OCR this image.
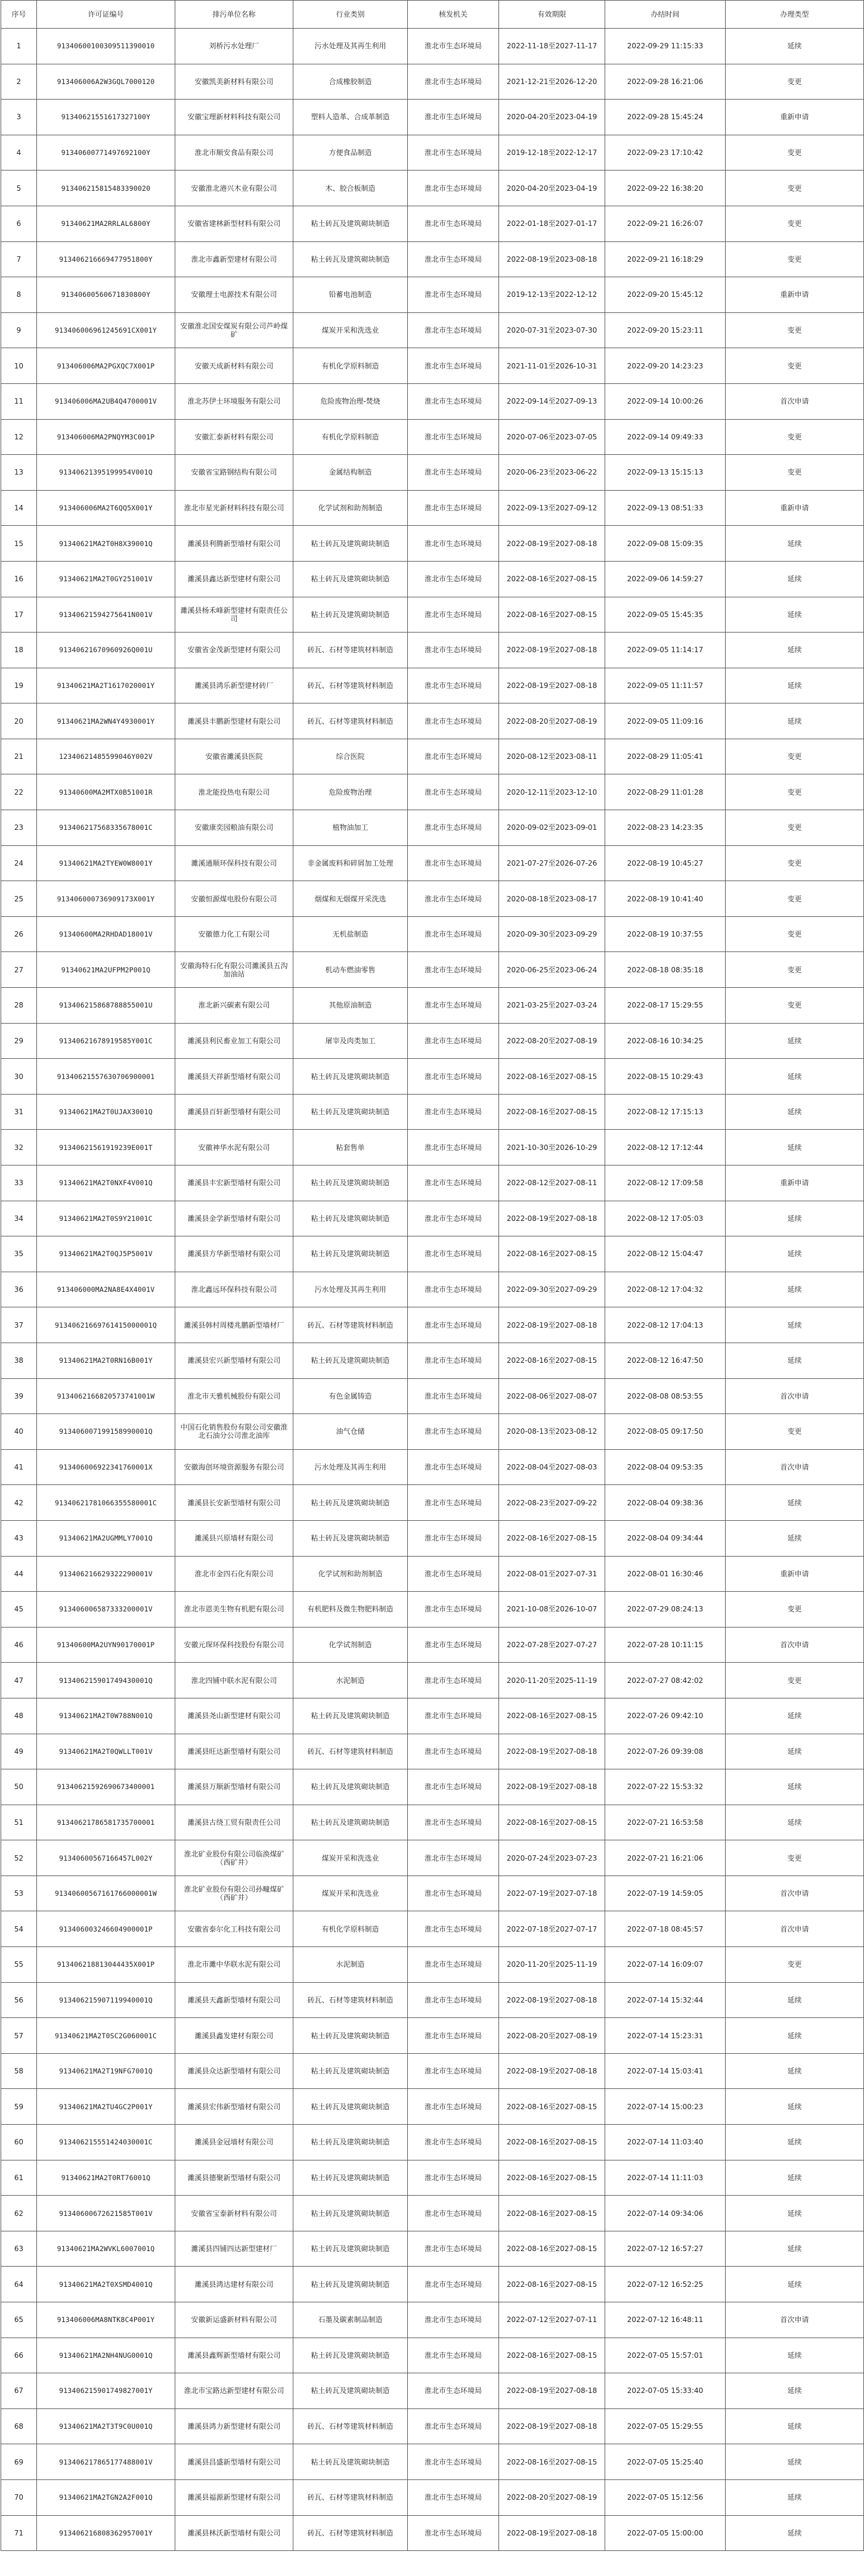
序号	许可证编号	排污单位名称	行业类别	核发机关	有效期限	办结时间	办理类型
1	91340600100309511390010	刘桥污水处理厂	污水处理及其再生利用	淮北市生态环境局	2022-11-18至2027-11-17	2022-09-29 11:15:33	延续
2	913406006A2W3GQL7000120	安徽凯美新材料有限公司	合成橡胶制造	淮北市生态环境局	2021-12-21至2026-12-20	2022-09-28 16:21:06	变更
3	91340621551617327100Y	安徽宝理新材料科技有限公司	塑料人造革、合成革制造	淮北市生态环境局	2020-04-20至2023-04-19	2022-09-28 15:45:24	重新申请
4	91340600771497692100Y	淮北市顺安食品有限公司	方便食品制造	淮北市生态环境局	2019-12-18至2022-12-17	2022-09-23 17:10:42	变更
5	913406215815483390020	安徽淮北港兴木业有限公司	木、胶合板制造	淮北市生态环境局	2020-04-20至2023-04-19	2022-09-22 16:38:20	变更
6	91340621MA2RRLAL6800Y	安徽省建林新型材料有限公司	粘土砖瓦及建筑砌块制造	淮北市生态环境局	2022-01-18至2027-01-17	2022-09-21 16:26:07	变更
7	913406216669477951800Y	淮北市鑫新型建材有限公司	粘土砖瓦及建筑砌块制造	淮北市生态环境局	2022-08-19至2023-08-18	2022-09-21 16:18:29	变更
8	91340600560671830800Y	安徽理士电源技术有限公司	铅蓄电池制造	淮北市生态环境局	2019-12-13至2022-12-12	2022-09-20 15:45:12	重新申请
9	913406006961245691CX001Y	安徽淮北国安煤炭有限公司芦岭煤矿	煤炭开采和洗选业	淮北市生态环境局	2020-07-31至2023-07-30	2022-09-20 15:23:11	变更
10	913406006MA2PGXQC7X001P	安徽天成新材料有限公司	有机化学原料制造	淮北市生态环境局	2021-11-01至2026-10-31	2022-09-20 14:23:23	变更
11	913406006MA2UB4Q4700001V	淮北苏伊士环境服务有限公司	危险废物治理-焚烧	淮北市生态环境局	2022-09-14至2027-09-13	2022-09-14 10:00:26	首次申请
12	913406006MA2PNQYM3C001P	安徽汇泰新材料有限公司	有机化学原料制造	淮北市生态环境局	2020-07-06至2023-07-05	2022-09-14 09:49:33	变更
13	91340621395199954V001Q	安徽省宝路钢结构有限公司	金属结构制造	淮北市生态环境局	2020-06-23至2023-06-22	2022-09-13 15:15:13	变更
14	913406006MA2T6QQ5X001Y	淮北市星光新材料科技有限公司	化学试剂和助剂制造	淮北市生态环境局	2022-09-13至2027-09-12	2022-09-13 08:51:33	重新申请
15	91340621MA2T0H8X39001Q	濉溪县利腾新型墙材有限公司	粘土砖瓦及建筑砌块制造	淮北市生态环境局	2022-08-19至2027-08-18	2022-09-08 15:09:35	延续
16	91340621MA2T0GY251001V	濉溪县鑫达新型建材有限公司	粘土砖瓦及建筑砌块制造	淮北市生态环境局	2022-08-16至2027-08-15	2022-09-06 14:59:27	延续
17	91340621594275641N001V	濉溪县杨禾峰新型建材有限责任公司	粘土砖瓦及建筑砌块制造	淮北市生态环境局	2022-08-16至2027-08-15	2022-09-05 15:45:35	延续
18	91340621670960926Q001U	安徽省金茂新型建材有限公司	砖瓦、石材等建筑材料制造	淮北市生态环境局	2022-08-19至2027-08-18	2022-09-05 11:14:17	延续
19	91340621MA2T1617020001Y	濉溪县鸿乐新型建材砖厂	砖瓦、石材等建筑材料制造	淮北市生态环境局	2022-08-19至2027-08-18	2022-09-05 11:11:57	延续
20	91340621MA2WN4Y4930001Y	濉溪县丰鹏新型建材有限公司	砖瓦、石材等建筑材料制造	淮北市生态环境局	2022-08-20至2027-08-19	2022-09-05 11:09:16	延续
21	12340621485599046Y002V	安徽省濉溪县医院	综合医院	淮北市生态环境局	2020-08-12至2023-08-11	2022-08-29 11:05:41	变更
22	91340600MA2MTX0B51001R	淮北能投热电有限公司	危险废物治理	淮北市生态环境局	2020-12-11至2023-12-10	2022-08-29 11:01:28	变更
23	913406217568335678001C	安徽康奕园粮油有限公司	植物油加工	淮北市生态环境局	2020-09-02至2023-09-01	2022-08-23 14:23:35	变更
24	91340621MA2TYEW0W8001Y	濉溪通顺环保科技有限公司	非金属废料和碎屑加工处理	淮北市生态环境局	2021-07-27至2026-07-26	2022-08-19 10:45:27	变更
25	913406000736909173X001Y	安徽恒源煤电股份有限公司	烟煤和无烟煤开采洗选	淮北市生态环境局	2020-08-18至2023-08-17	2022-08-19 10:41:40	变更
26	91340600MA2RHDAD18001V	安徽德力化工有限公司	无机盐制造	淮北市生态环境局	2020-09-30至2023-09-29	2022-08-19 10:37:55	变更
27	91340621MA2UFPM2P001Q	安徽海特石化有限公司濉溪县五沟加油站	机动车燃油零售	淮北市生态环境局	2020-06-25至2023-06-24	2022-08-18 08:35:18	变更
28	913406215868788855001U	淮北新兴碳素有限公司	其他原油制造	淮北市生态环境局	2021-03-25至2027-03-24	2022-08-17 15:29:55	变更
29	91340621678919585Y001C	濉溪县利民畜业加工有限公司	屠宰及肉类加工	淮北市生态环境局	2022-08-20至2027-08-19	2022-08-16 10:34:25	延续
30	91340621557630706900001	濉溪县天祥新型墙材有限公司	粘土砖瓦及建筑砌块制造	淮北市生态环境局	2022-08-16至2027-08-15	2022-08-15 10:29:43	延续
31	91340621MA2T0UJAX3001Q	濉溪县百轩新型墙材有限公司	粘土砖瓦及建筑砌块制造	淮北市生态环境局	2022-08-16至2027-08-15	2022-08-12 17:15:13	延续
32	91340621561919239E001T	安徽神华水泥有限公司	粘套售单	淮北市生态环境局	2021-10-30至2026-10-29	2022-08-12 17:12:44	延续
33	91340621MA2T0NXF4V001Q	濉溪县丰宏新型墙材有限公司	粘土砖瓦及建筑砌块制造	淮北市生态环境局	2022-08-12至2027-08-11	2022-08-12 17:09:58	重新申请
34	91340621MA2T0S9Y21001C	濉溪县金学新型墙材有限公司	粘土砖瓦及建筑砌块制造	淮北市生态环境局	2022-08-19至2027-08-18	2022-08-12 17:05:03	延续
35	91340621MA2T0QJ5P5001V	濉溪县方华新型墙材有限公司	粘土砖瓦及建筑砌块制造	淮北市生态环境局	2022-08-16至2027-08-15	2022-08-12 15:04:47	延续
36	913406000MA2NA8E4X4001V	淮北鑫远环保科技有限公司	污水处理及其再生利用	淮北市生态环境局	2022-09-30至2027-09-29	2022-08-12 17:04:32	延续
37	91340621669761415000001Q	濉溪县韩村周楼兆鹏新型墙材厂	砖瓦、石材等建筑材料制造	淮北市生态环境局	2022-08-19至2027-08-18	2022-08-12 17:04:13	延续
38	91340621MA2T0RN16B001Y	濉溪县宏兴新型墙材有限公司	粘土砖瓦及建筑砌块制造	淮北市生态环境局	2022-08-16至2027-08-15	2022-08-12 16:47:50	延续
39	9134062166820573741001W	淮北市天雅机械股份有限公司	有色金属铸造	淮北市生态环境局	2022-08-06至2027-08-07	2022-08-08 08:53:55	首次申请
40	913406007199158990001Q	中国石化销售股份有限公司安徽淮北石油分公司淮北油库	油气仓储	淮北市生态环境局	2020-08-13至2023-08-12	2022-08-05 09:17:50	变更
41	913406006922341760001X	安徽海创环境资源服务有限公司	污水处理及其再生利用	淮北市生态环境局	2022-08-04至2027-08-03	2022-08-04 09:53:35	首次申请
42	91340621781066355580001C	濉溪县长安新型墙材有限公司	粘土砖瓦及建筑砌块制造	淮北市生态环境局	2022-08-23至2027-09-22	2022-08-04 09:38:36	延续
43	91340621MA2UGMMLY7001Q	濉溪县兴原墙材有限公司	粘土砖瓦及建筑砌块制造	淮北市生态环境局	2022-08-16至2027-08-15	2022-08-04 09:34:44	延续
44	913406216629322290001V	淮北市金四石化有限公司	化学试剂和助剂制造	淮北市生态环境局	2022-08-01至2027-07-31	2022-08-01 16:30:46	重新申请
45	913406006587333200001V	淮北市恩美生物有机肥有限公司	有机肥料及微生物肥料制造	淮北市生态环境局	2021-10-08至2026-10-07	2022-07-29 08:24:13	变更
46	91340600MA2UYN90170001P	安徽元琛环保科技股份有限公司	化学试剂制造	淮北市生态环境局	2022-07-28至2027-07-27	2022-07-28 10:11:15	首次申请
47	913406215901749430001Q	淮北四铺中联水泥有限公司	水泥制造	淮北市生态环境局	2020-11-20至2025-11-19	2022-07-27 08:42:02	变更
48	91340621MA2T0W788N001Q	濉溪县尧山新型建材有限公司	粘土砖瓦及建筑砌块制造	淮北市生态环境局	2022-08-16至2027-08-15	2022-07-26 09:42:10	延续
49	91340621MA2T0QWLLT001V	濉溪县旺达新型墙材有限公司	砖瓦、石材等建筑材料制造	淮北市生态环境局	2022-08-19至2027-08-18	2022-07-26 09:39:08	延续
50	91340621592690673400001	濉溪县万顺新型墙材有限公司	粘土砖瓦及建筑砌块制造	淮北市生态环境局	2022-08-19至2027-08-18	2022-07-22 15:53:32	延续
51	91340621786581735700001	濉溪县古绕工贸有限责任公司	粘土砖瓦及建筑砌块制造	淮北市生态环境局	2022-08-16至2027-08-15	2022-07-21 16:53:58	延续
52	91340600567166457L002Y	淮北矿业股份有限公司临涣煤矿（西矿井）	煤炭开采和洗选业	淮北市生态环境局	2020-07-24至2023-07-23	2022-07-21 16:21:06	变更
53	91340600567161766000001W	淮北矿业股份有限公司孙疃煤矿（西矿井）	煤炭开采和洗选业	淮北市生态环境局	2022-07-19至2027-07-18	2022-07-19 14:59:05	首次申请
54	913406003246604900001P	安徽省泰尔化工科技有限公司	有机化学原料制造	淮北市生态环境局	2022-07-18至2027-07-17	2022-07-18 08:45:57	首次申请
55	913406218813044435X001P	淮北市濉中华联水泥有限公司	水泥制造	淮北市生态环境局	2020-11-20至2025-11-19	2022-07-14 16:09:07	变更
56	913406215907119940001Q	濉溪县天鑫新型墙材有限公司	砖瓦、石材等建筑材料制造	淮北市生态环境局	2022-08-19至2027-08-18	2022-07-14 15:32:44	延续
57	91340621MA2T0SC2G060001C	濉溪县鑫发建材有限公司	粘土砖瓦及建筑砌块制造	淮北市生态环境局	2022-08-20至2027-08-19	2022-07-14 15:23:31	延续
58	91340621MA2T19NFG7001Q	濉溪县众达新型墙材有限公司	粘土砖瓦及建筑砌块制造	淮北市生态环境局	2022-08-19至2027-08-18	2022-07-14 15:03:41	延续
59	91340621MA2TU4GC2P001Y	濉溪县宏伟新型墙材有限公司	粘土砖瓦及建筑砌块制造	淮北市生态环境局	2022-08-16至2027-08-15	2022-07-14 15:00:23	延续
60	913406215551424030001C	濉溪县金冠墙材有限公司	粘土砖瓦及建筑砌块制造	淮北市生态环境局	2022-08-16至2027-08-15	2022-07-14 11:03:40	延续
61	91340621MA2T0RT76001Q	濉溪县德聚新型墙材有限公司	粘土砖瓦及建筑砌块制造	淮北市生态环境局	2022-08-16至2027-08-15	2022-07-14 11:11:03	延续
62	91340600672621585T001V	安徽省宝泰新材料有限公司	粘土砖瓦及建筑砌块制造	淮北市生态环境局	2022-08-16至2027-08-15	2022-07-14 09:34:06	延续
63	91340621MA2WVKL6007001Q	濉溪县四铺四达新型建材厂	粘土砖瓦及建筑砌块制造	淮北市生态环境局	2022-08-16至2027-08-15	2022-07-12 16:57:27	延续
64	91340621MA2T0XSMD4001Q	濉溪县鸿达建材有限公司	粘土砖瓦及建筑砌块制造	淮北市生态环境局	2022-08-16至2027-08-15	2022-07-12 16:52:25	延续
65	913406006MA8NTK8C4P001Y	安徽新运盛新材料有限公司	石墨及碳素制品制造	淮北市生态环境局	2022-07-12至2027-07-11	2022-07-12 16:48:11	首次申请
66	91340621MA2NH4NUG0001Q	濉溪县鑫辉新型墙材有限公司	粘土砖瓦及建筑砌块制造	淮北市生态环境局	2022-08-16至2027-08-15	2022-07-05 15:57:01	延续
67	913406215901749827001Y	淮北市宝路达新型建材有限公司	粘土砖瓦及建筑砌块制造	淮北市生态环境局	2022-08-19至2027-08-18	2022-07-05 15:33:40	延续
68	91340621MA2T3T9C0U001Q	濉溪县鸿力新型建材有限公司	砖瓦、石材等建筑材料制造	淮北市生态环境局	2022-08-19至2027-08-18	2022-07-05 15:29:55	延续
69	913406217865177488001V	濉溪县昌盛新型墙材有限公司	粘土砖瓦及建筑砌块制造	淮北市生态环境局	2022-08-16至2027-08-15	2022-07-05 15:25:40	延续
70	91340621MA2TGN2A2F001Q	濉溪县福源新型建材有限公司	砖瓦、石材等建筑材料制造	淮北市生态环境局	2022-08-20至2027-08-19	2022-07-05 15:12:56	延续
71	913406216808362957001Y	濉溪县林沃新型墙材有限公司	砖瓦、石材等建筑材料制造	淮北市生态环境局	2022-08-19至2027-08-18	2022-07-05 15:00:00	延续
